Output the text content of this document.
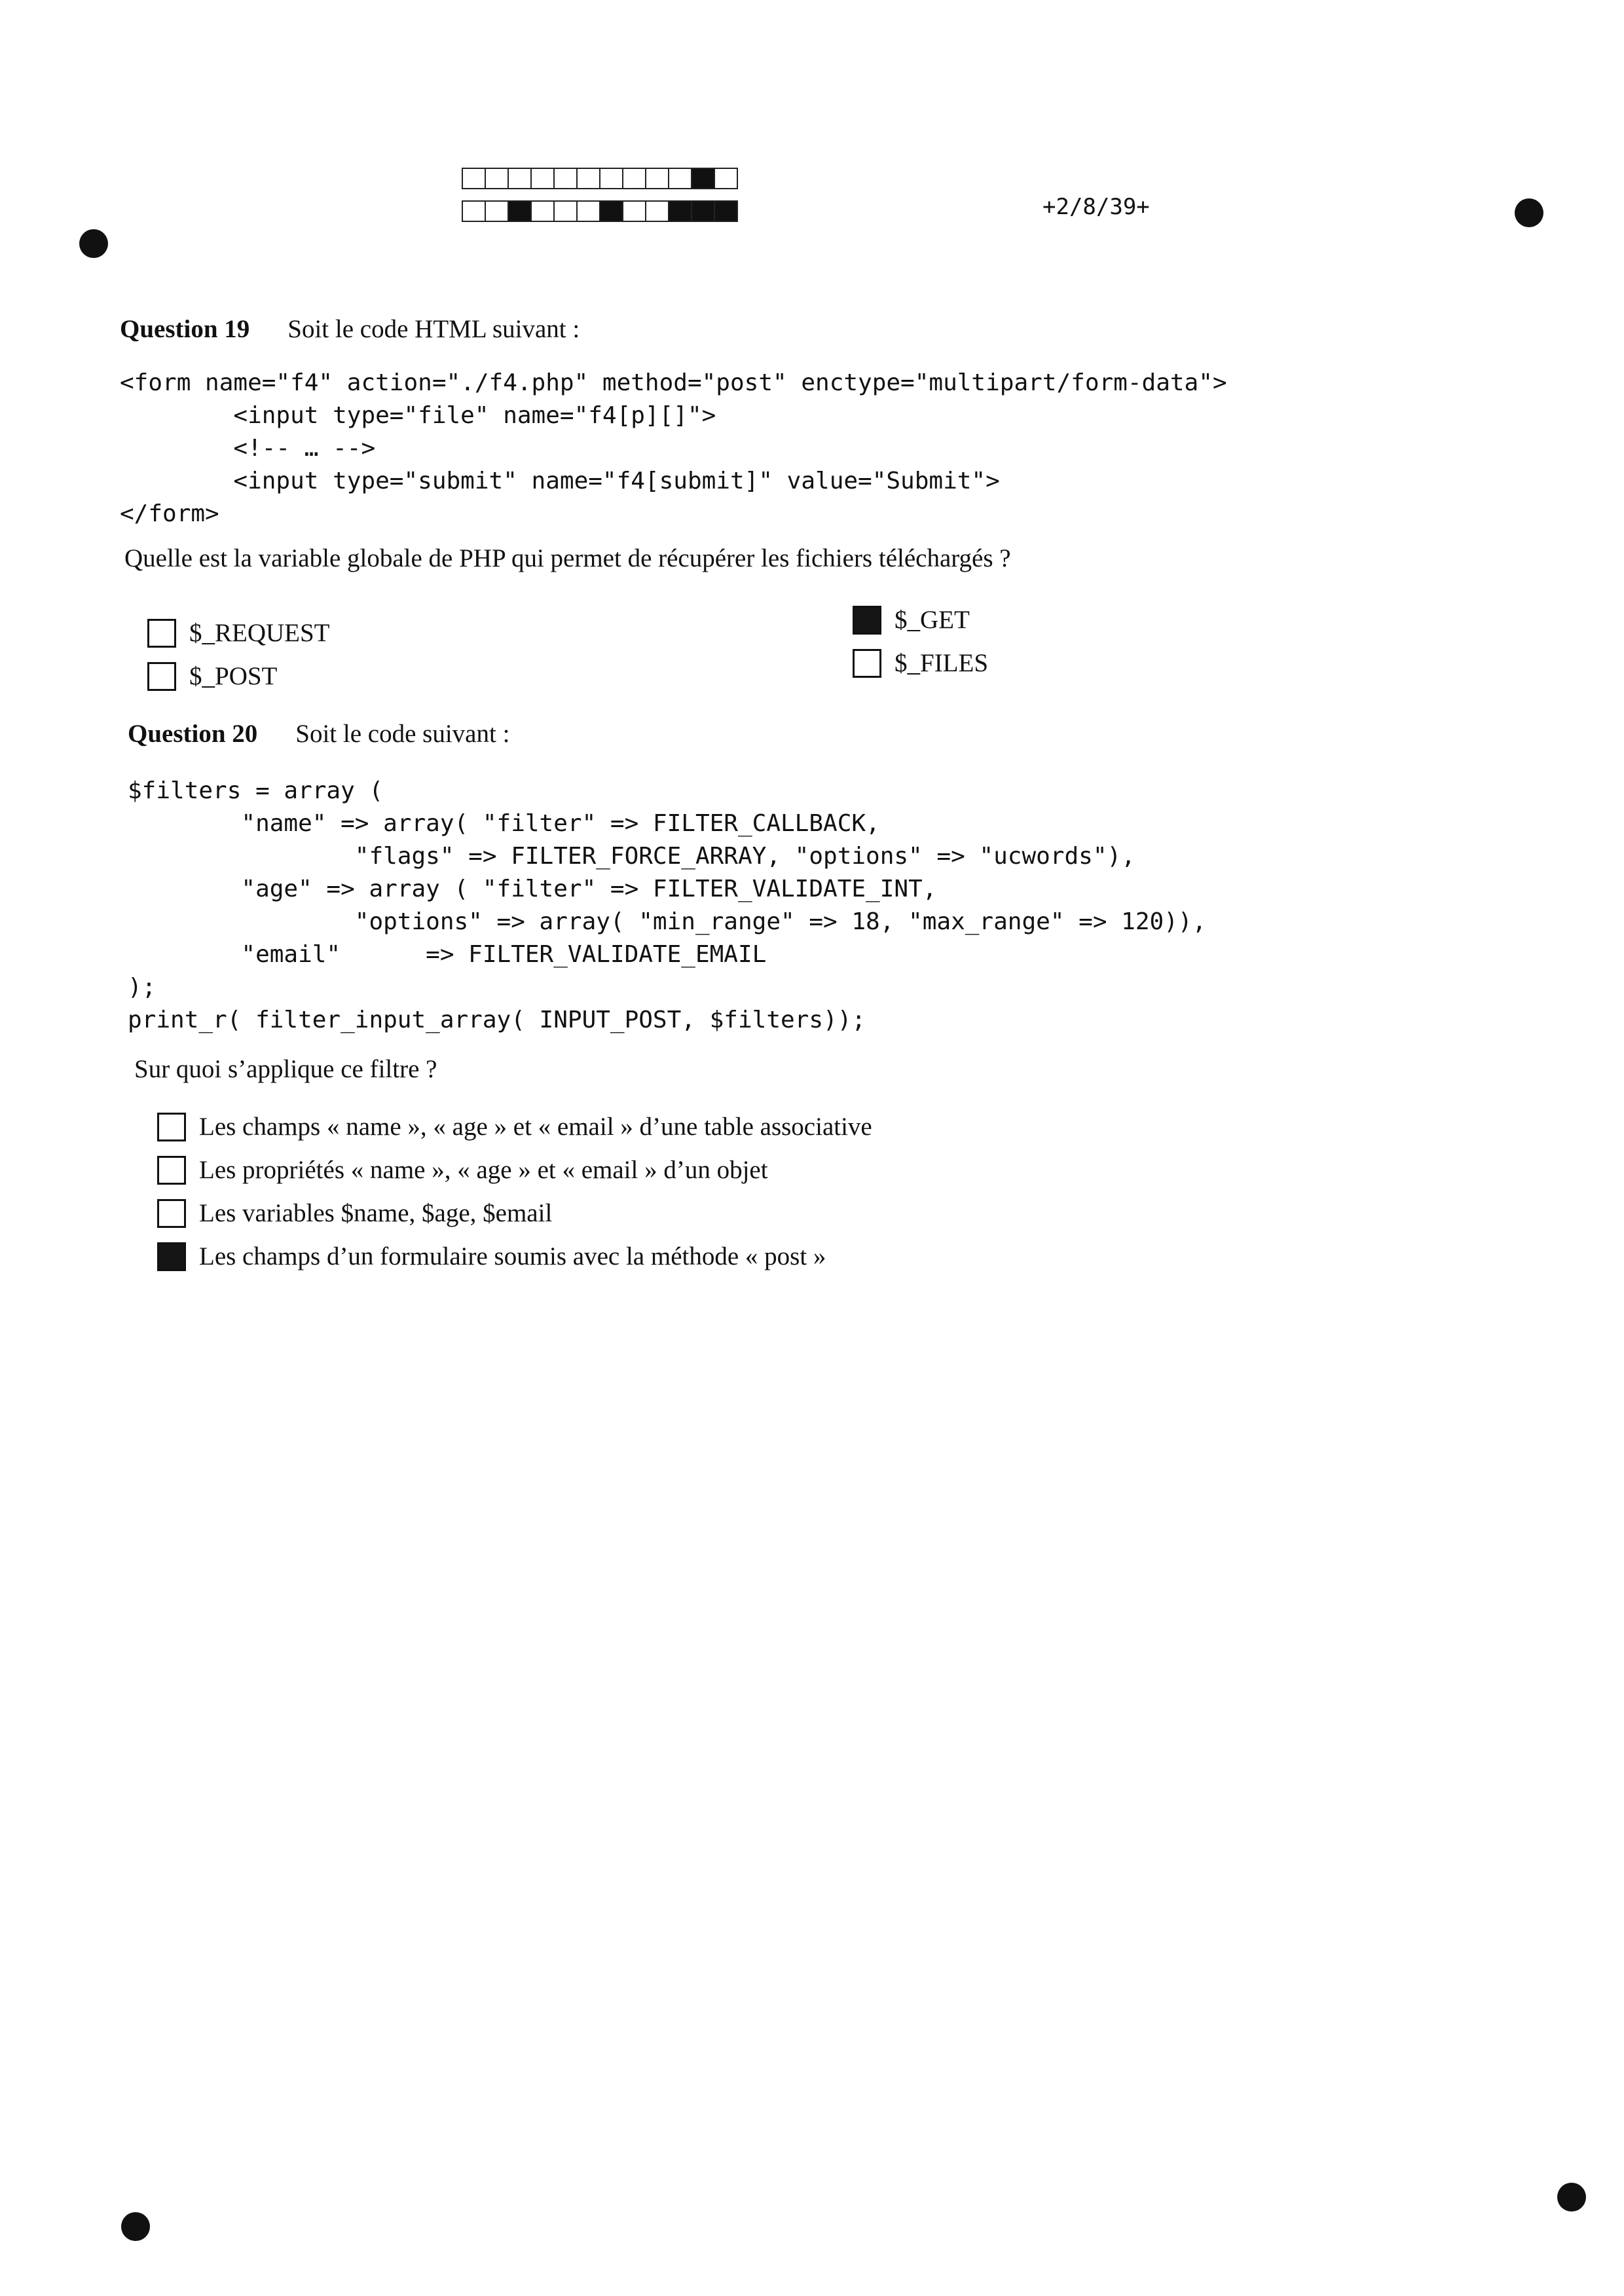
+2/8/39+
Question 19 Soit le code HTML suivant :
<form name="f4" action="./f4.php" method="post" enctype="multipart/form-data">
<input type="file" name="f4[p][]">
<!-- … -->
<input type="submit" name="f4[submit]" value="Submit">
</form>
Quelle est la variable globale de PHP qui permet de récupérer les fichiers téléchargés ?
$_REQUEST
$_POST
$_GET
$_FILES
Question 20 Soit le code suivant :
$filters = array (
"name" => array( "filter" => FILTER_CALLBACK,
"flags" => FILTER_FORCE_ARRAY, "options" => "ucwords"),
"age" => array ( "filter" => FILTER_VALIDATE_INT,
"options" => array( "min_range" => 18, "max_range" => 120)),
"email"      => FILTER_VALIDATE_EMAIL
);
print_r( filter_input_array( INPUT_POST, $filters));
Sur quoi s’applique ce filtre ?
Les champs « name », « age » et « email » d’une table associative
Les propriétés « name », « age » et « email » d’un objet
Les variables $name, $age, $email
Les champs d’un formulaire soumis avec la méthode « post »
